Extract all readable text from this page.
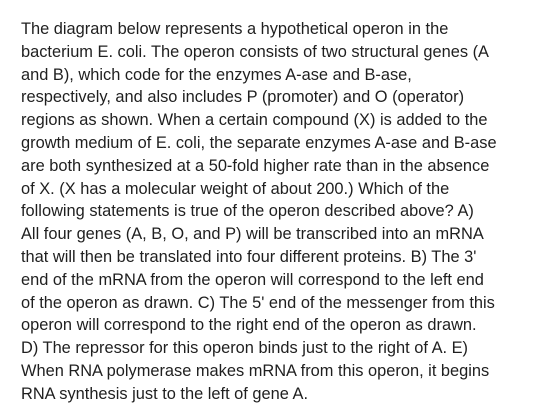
The diagram below represents a hypothetical operon in the
bacterium E. coli. The operon consists of two structural genes (A
and B), which code for the enzymes A-ase and B-ase,
respectively, and also includes P (promoter) and O (operator)
regions as shown. When a certain compound (X) is added to the
growth medium of E. coli, the separate enzymes A-ase and B-ase
are both synthesized at a 50-fold higher rate than in the absence
of X. (X has a molecular weight of about 200.) Which of the
following statements is true of the operon described above? A)
All four genes (A, B, O, and P) will be transcribed into an mRNA
that will then be translated into four different proteins. B) The 3'
end of the mRNA from the operon will correspond to the left end
of the operon as drawn. C) The 5' end of the messenger from this
operon will correspond to the right end of the operon as drawn.
D) The repressor for this operon binds just to the right of A. E)
When RNA polymerase makes mRNA from this operon, it begins
RNA synthesis just to the left of gene A.
